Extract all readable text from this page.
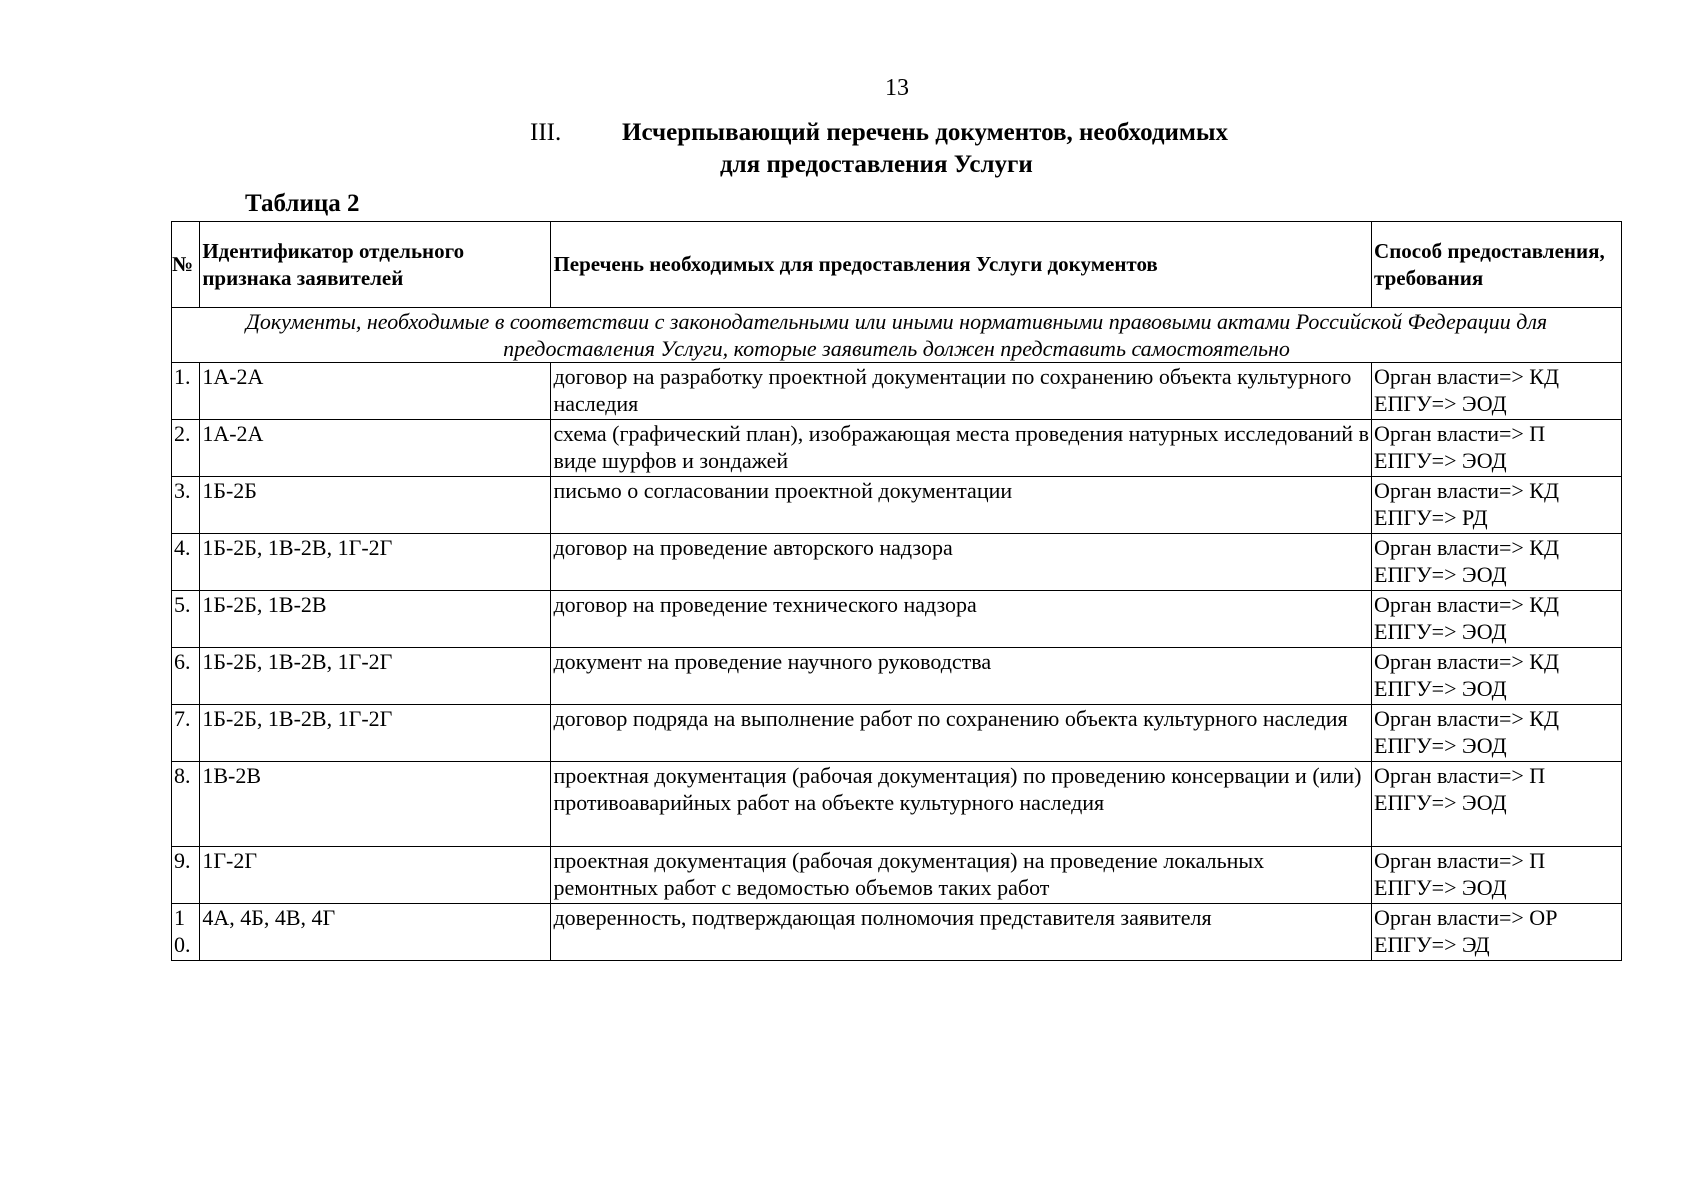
13
III.	Исчерпывающий перечень документов, необходимых
для предоставления Услуги
Таблица 2
№	Идентификатор отдельного признака заявителей	Перечень необходимых для предоставления Услуги документов	Способ предоставления, требования

Документы, необходимые в соответствии с законодательными или иными нормативными правовыми актами Российской Федерации для
предоставления Услуги, которые заявитель должен представить самостоятельно			

1.	1А-2А	договор на разработку проектной документации по сохранению объекта культурного наследия	Орган власти=> КД
ЕПГУ=> ЭОД

2.	1А-2А	схема (графический план), изображающая места проведения натурных исследований в виде шурфов и зондажей	Орган власти=> П
ЕПГУ=> ЭОД

3.	1Б-2Б	письмо о согласовании проектной документации	Орган власти=> КД
ЕПГУ=> РД

4.	1Б-2Б, 1В-2В, 1Г-2Г	договор на проведение авторского надзора	Орган власти=> КД
ЕПГУ=> ЭОД

5.	1Б-2Б, 1В-2В	договор на проведение технического надзора	Орган власти=> КД
ЕПГУ=> ЭОД

6.	1Б-2Б, 1В-2В, 1Г-2Г	документ на проведение научного руководства	Орган власти=> КД
ЕПГУ=> ЭОД

7.	1Б-2Б, 1В-2В, 1Г-2Г	договор подряда на выполнение работ по сохранению объекта культурного наследия	Орган власти=> КД
ЕПГУ=> ЭОД

8.	1В-2В	проектная документация (рабочая документация) по проведению консервации и (или) противоаварийных работ на объекте культурного наследия	Орган власти=> П
ЕПГУ=> ЭОД

9.	1Г-2Г	проектная документация (рабочая документация) на проведение локальных ремонтных работ с ведомостью объемов таких работ	Орган власти=> П
ЕПГУ=> ЭОД

10.	4А, 4Б, 4В, 4Г	доверенность, подтверждающая полномочия представителя заявителя	Орган власти=> ОР
ЕПГУ=> ЭД
